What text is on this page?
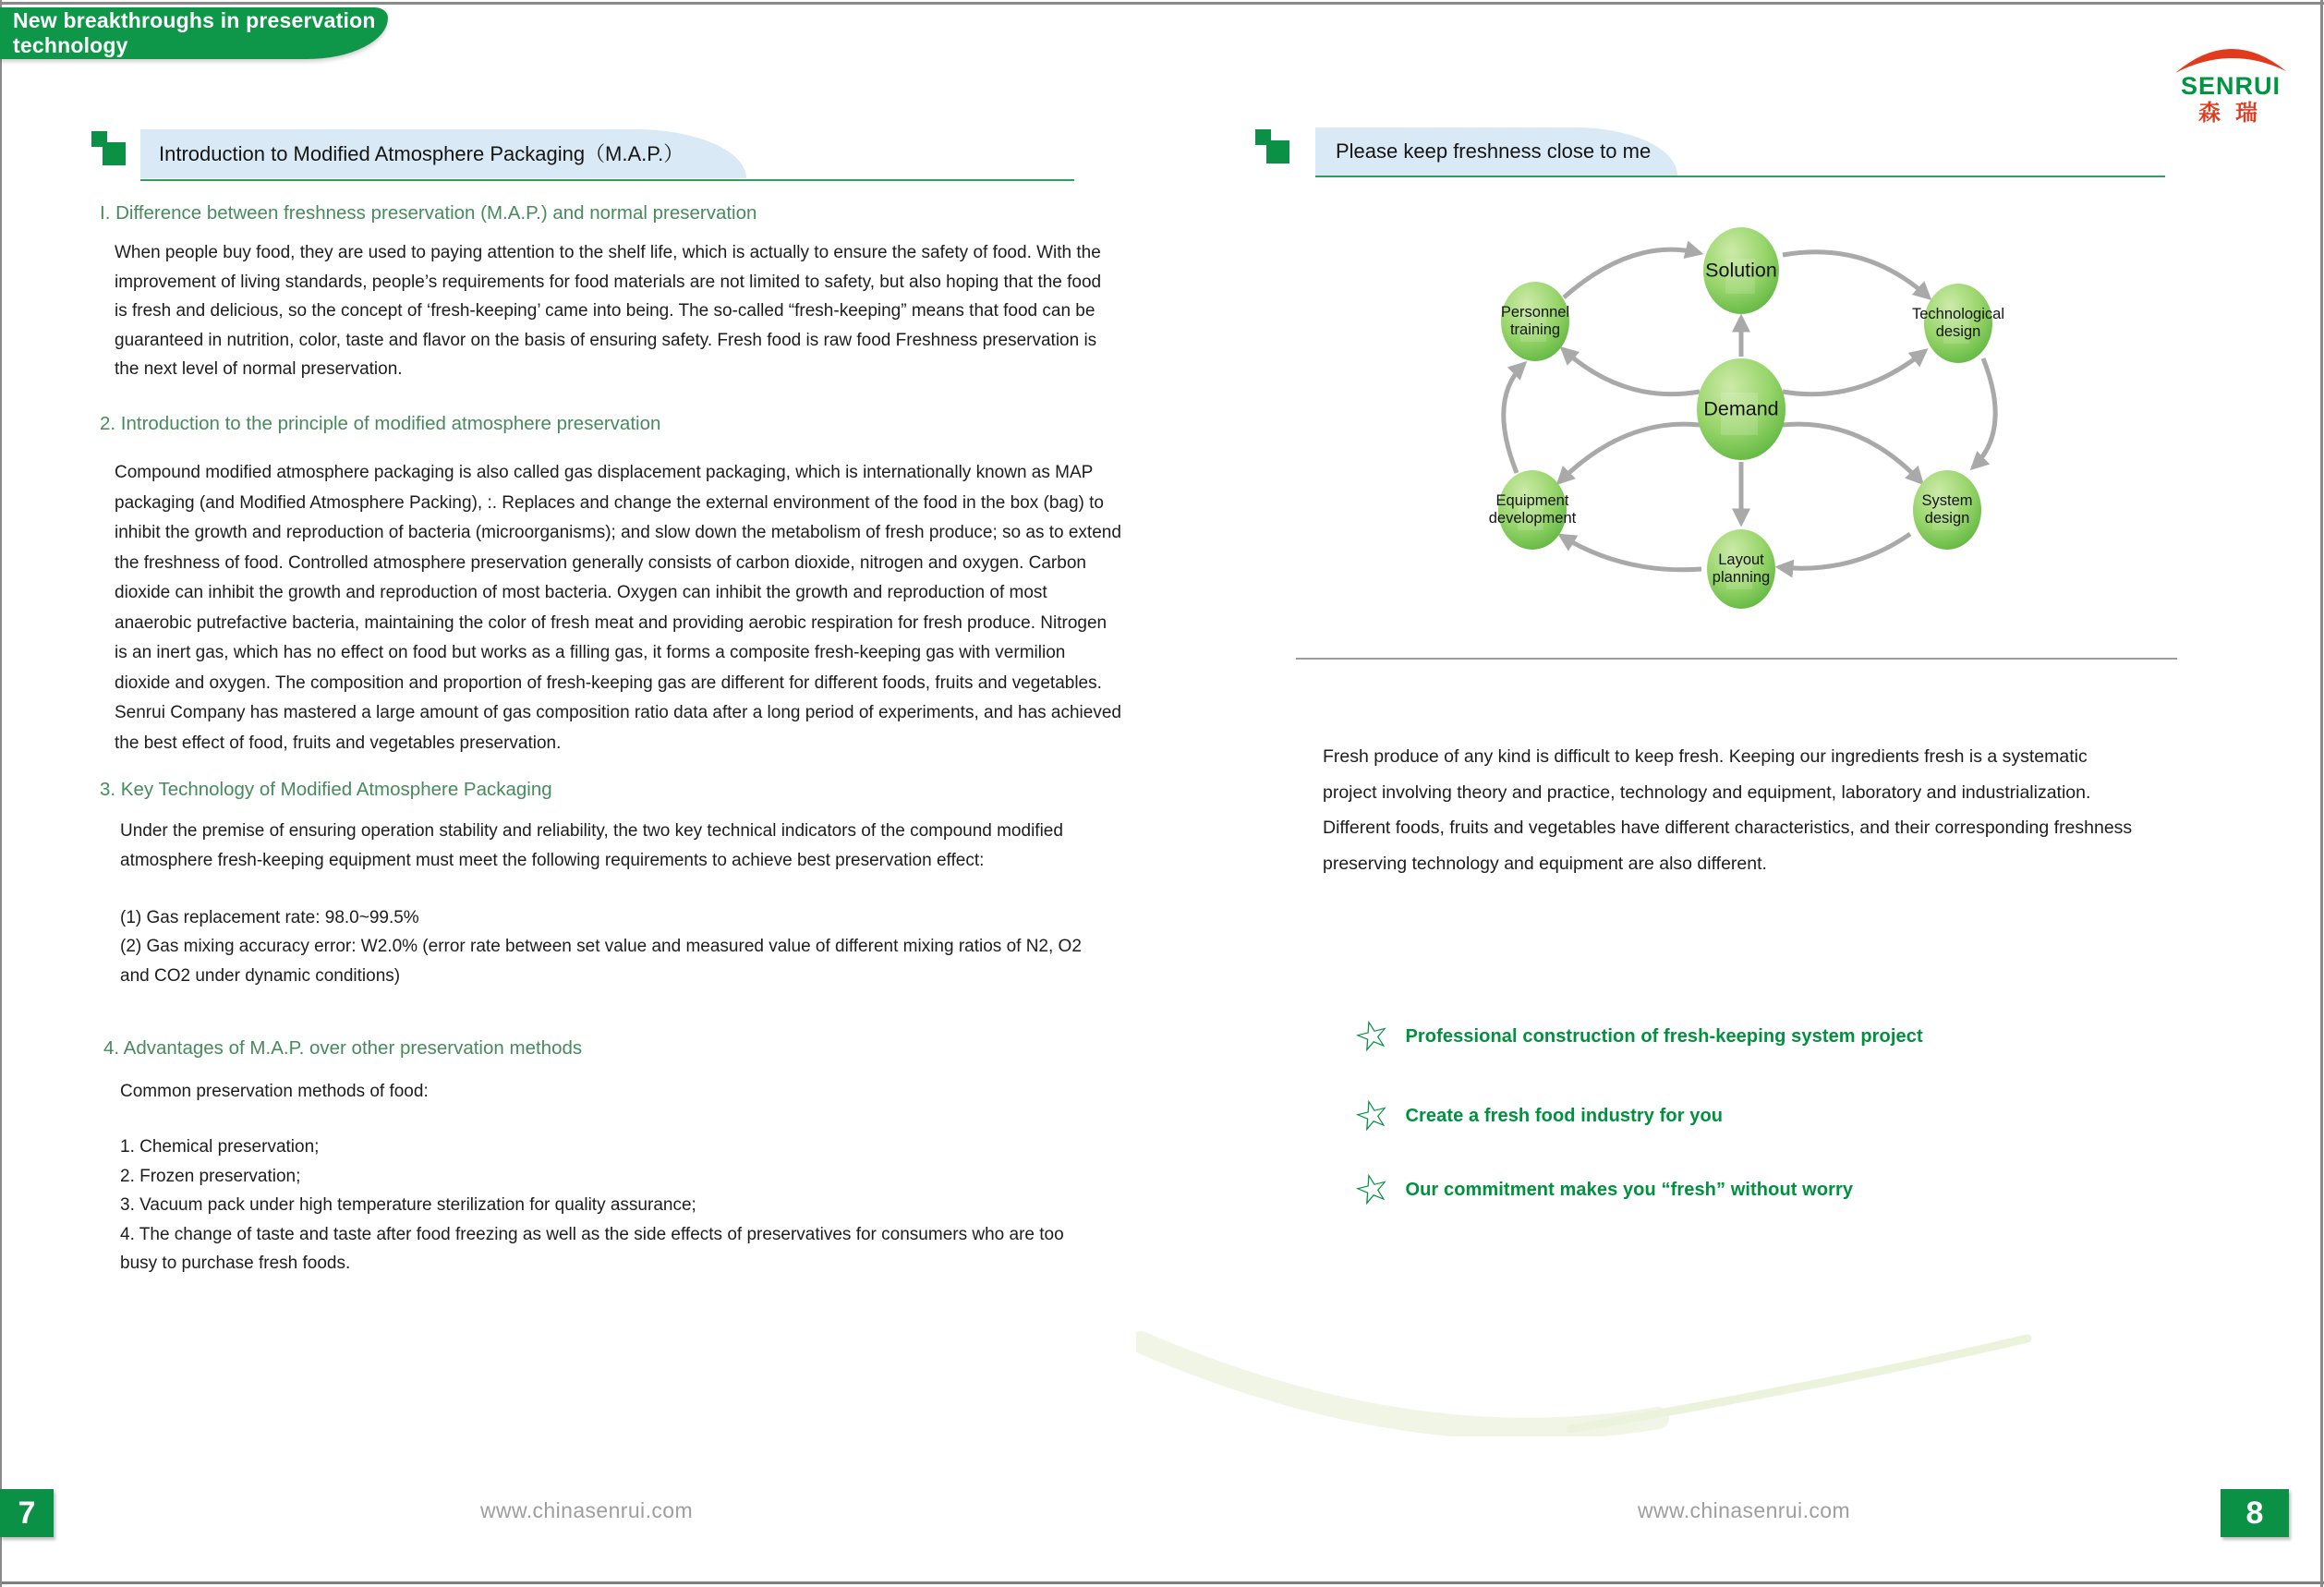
New breakthroughs in preservation technology
SENRUI
森瑞
Introduction to Modified Atmosphere Packaging（M.A.P.）
I. Difference between freshness preservation (M.A.P.) and normal preservation
When people buy food, they are used to paying attention to the shelf life, which is actually to ensure the safety of food. With the improvement of living standards, people’s requirements for food materials are not limited to safety, but also hoping that the food is fresh and delicious, so the concept of ‘fresh-keeping’ came into being. The so-called “fresh-keeping” means that food can be guaranteed in nutrition, color, taste and flavor on the basis of ensuring safety. Fresh food is raw food Freshness preservation is the next level of normal preservation.
2. Introduction to the principle of modified atmosphere preservation
Compound modified atmosphere packaging is also called gas displacement packaging, which is internationally known as MAP packaging (and Modified Atmosphere Packing), :. Replaces and change the external environment of the food in the box (bag) to inhibit the growth and reproduction of bacteria (microorganisms); and slow down the metabolism of fresh produce; so as to extend the freshness of food. Controlled atmosphere preservation generally consists of carbon dioxide, nitrogen and oxygen. Carbon dioxide can inhibit the growth and reproduction of most bacteria. Oxygen can inhibit the growth and reproduction of most anaerobic putrefactive bacteria, maintaining the color of fresh meat and providing aerobic respiration for fresh produce. Nitrogen is an inert gas, which has no effect on food but works as a filling gas, it forms a composite fresh-keeping gas with vermilion dioxide and oxygen. The composition and proportion of fresh-keeping gas are different for different foods, fruits and vegetables. Senrui Company has mastered a large amount of gas composition ratio data after a long period of experiments, and has achieved the best effect of food, fruits and vegetables preservation.
3. Key Technology of Modified Atmosphere Packaging
Under the premise of ensuring operation stability and reliability, the two key technical indicators of the compound modified atmosphere fresh-keeping equipment must meet the following requirements to achieve best preservation effect:
(1) Gas replacement rate: 98.0~99.5%
(2) Gas mixing accuracy error: W2.0% (error rate between set value and measured value of different mixing ratios of N2, O2 and CO2 under dynamic conditions)
4. Advantages of M.A.P. over other preservation methods
Common preservation methods of food:
1. Chemical preservation;
2. Frozen preservation;
3. Vacuum pack under high temperature sterilization for quality assurance;
4. The change of taste and taste after food freezing as well as the side effects of preservatives for consumers who are too busy to purchase fresh foods.
Please keep freshness close to me
Solution
Personnel training
Technological design
Demand
Equipment development
System design
Layout planning
Fresh produce of any kind is difficult to keep fresh. Keeping our ingredients fresh is a systematic project involving theory and practice, technology and equipment, laboratory and industrialization. Different foods, fruits and vegetables have different characteristics, and their corresponding freshness preserving technology and equipment are also different.
☆ Professional construction of fresh-keeping system project
☆ Create a fresh food industry for you
☆ Our commitment makes you “fresh” without worry
7	www.chinasenrui.com	www.chinasenrui.com	8
